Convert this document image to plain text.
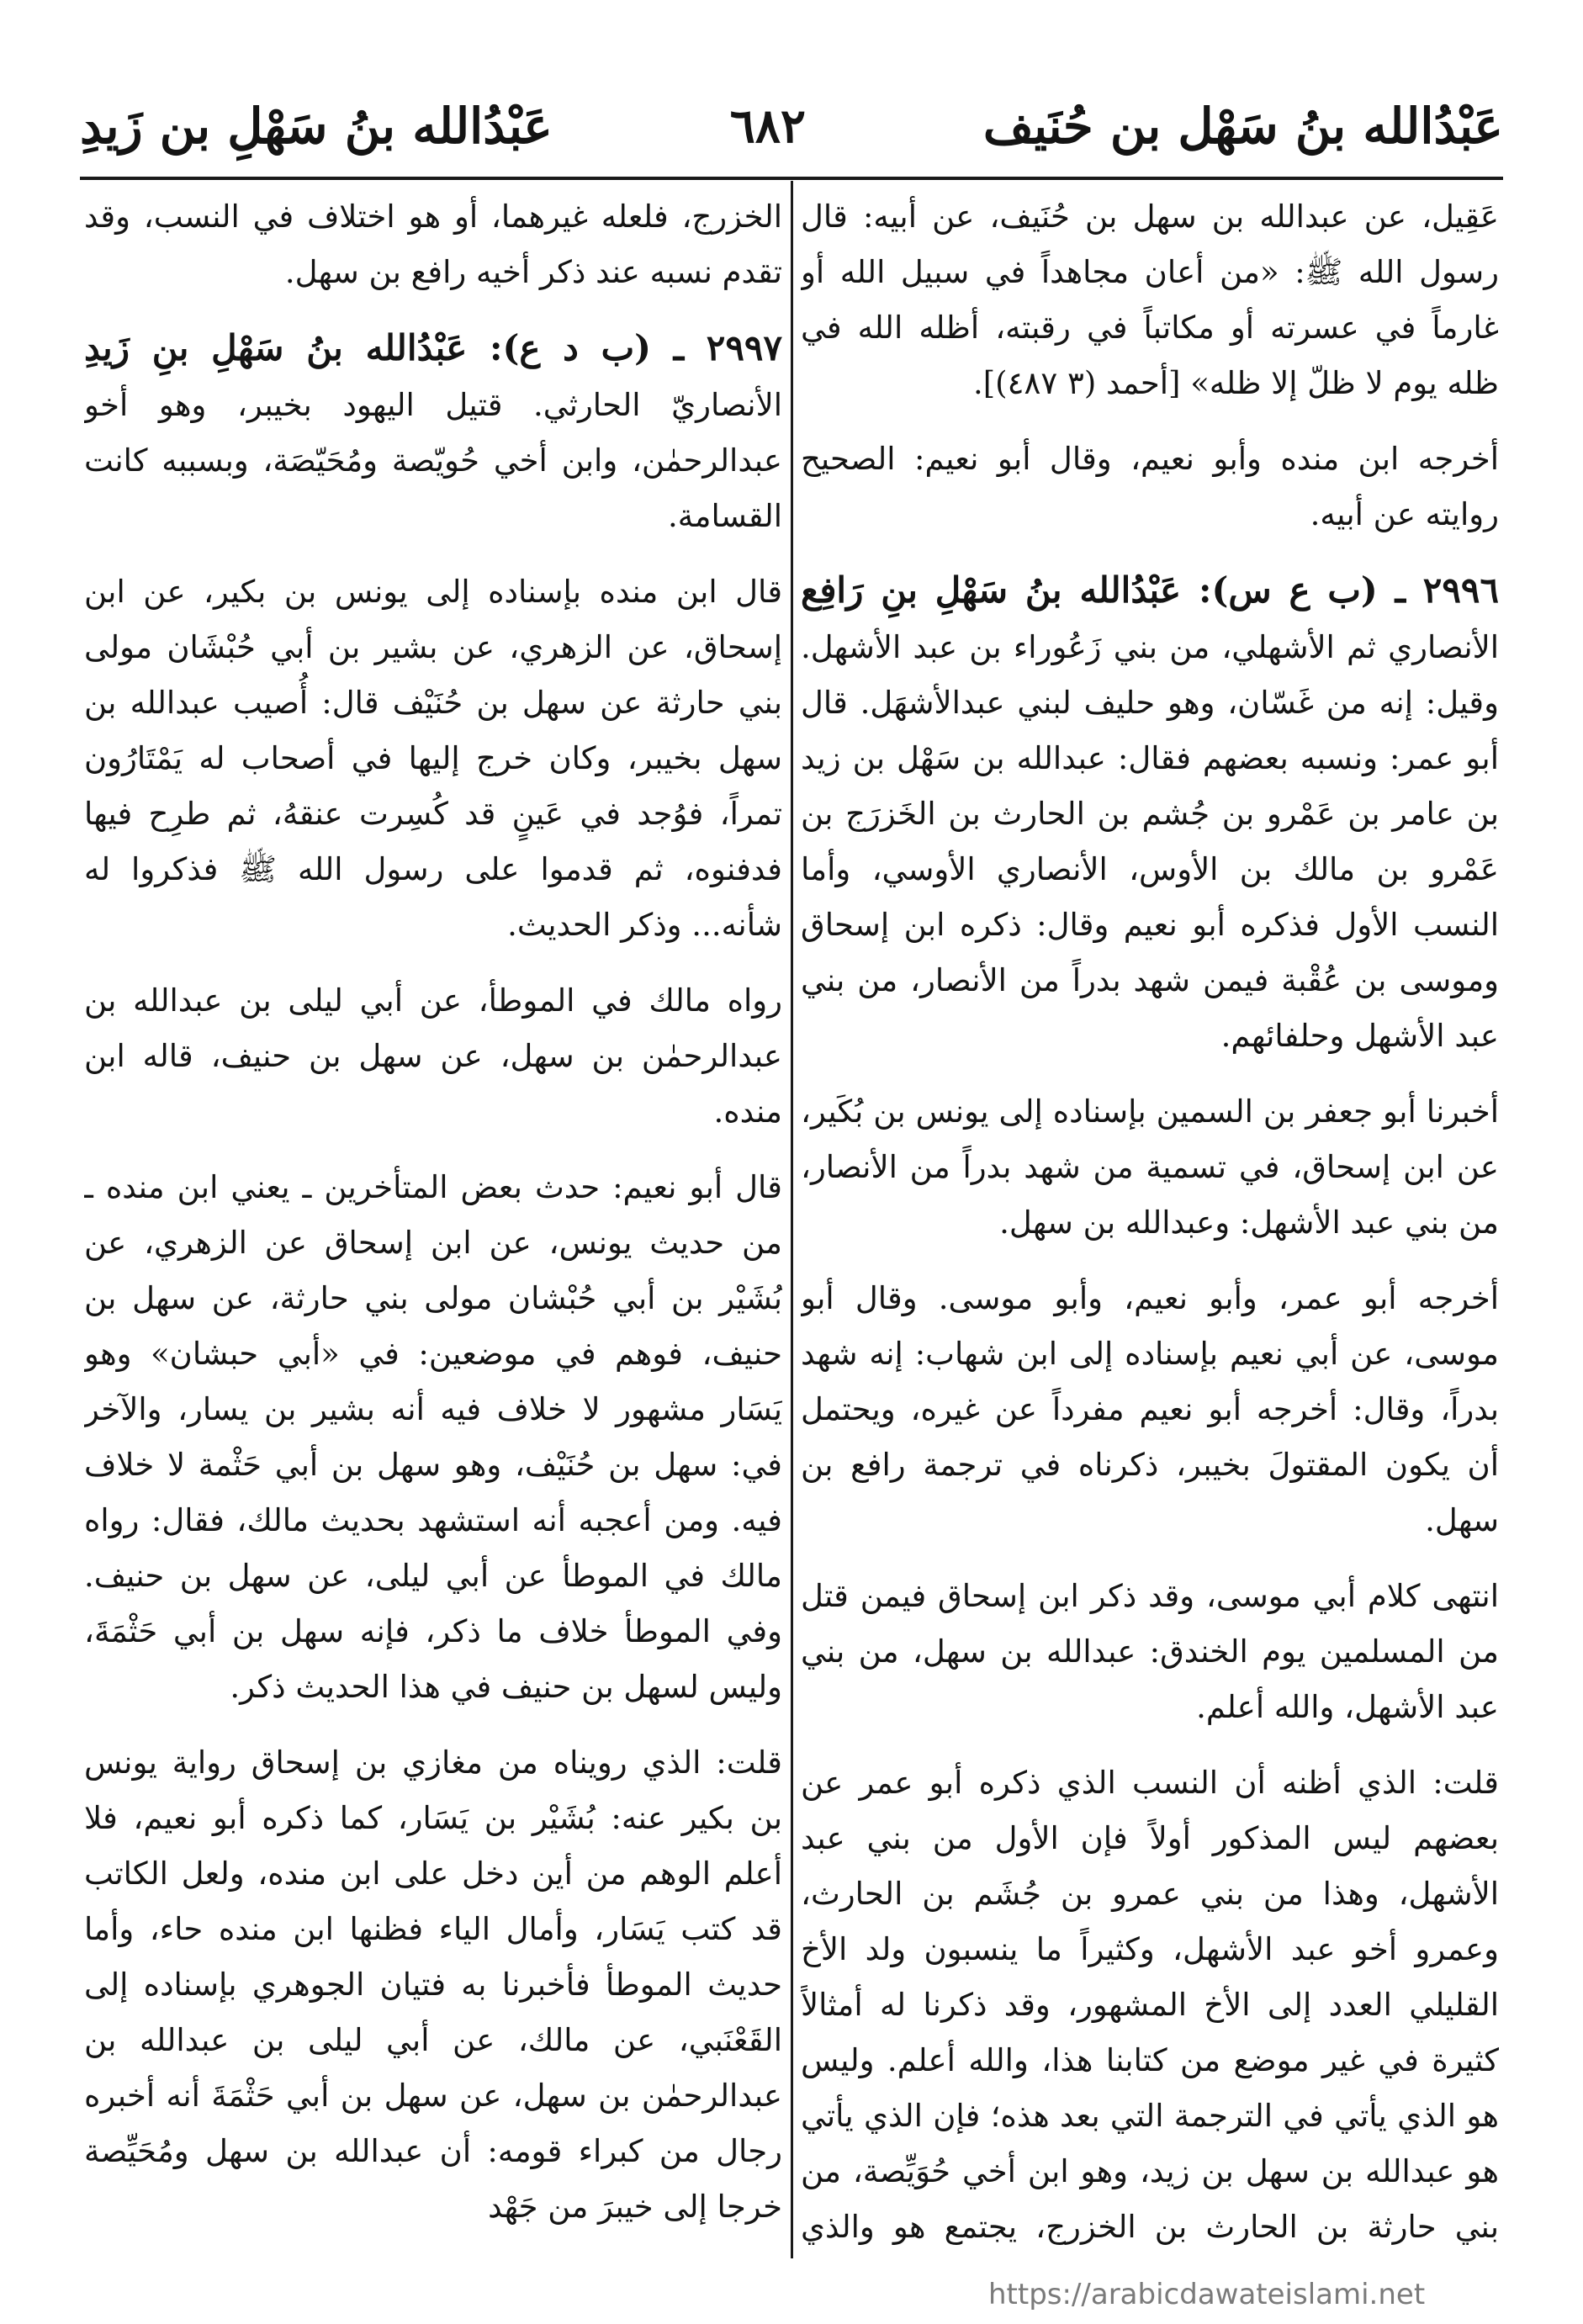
عَبْدُالله بنُ سَهْل بن حُنَيف
٦٨٢
عَبْدُالله بنُ سَهْلِ بن زَيدِ

عَقِيل، عن عبدالله بن سهل بن حُنَيف، عن أبيه: قال رسول الله ﷺ: «من أعان مجاهداً في سبيل الله أو غارماً في عسرته أو مكاتباً في رقبته، أظله الله في ظله يوم لا ظلّ إلا ظله» [أحمد (٣ ٤٨٧)].

أخرجه ابن منده وأبو نعيم، وقال أبو نعيم: الصحيح روايته عن أبيه.

٢٩٩٦ ـ (ب ع س): عَبْدُالله بنُ سَهْلِ بنِ رَافِع الأنصاري ثم الأشهلي، من بني زَعُوراء بن عبد الأشهل. وقيل: إنه من غَسّان، وهو حليف لبني عبدالأشهَل. قال أبو عمر: ونسبه بعضهم فقال: عبدالله بن سَهْل بن زيد بن عامر بن عَمْرو بن جُشم بن الحارث بن الخَزرَج بن عَمْرو بن مالك بن الأوس، الأنصاري الأوسي، وأما النسب الأول فذكره أبو نعيم وقال: ذكره ابن إسحاق وموسى بن عُقْبة فيمن شهد بدراً من الأنصار، من بني عبد الأشهل وحلفائهم.

أخبرنا أبو جعفر بن السمين بإسناده إلى يونس بن بُكَير، عن ابن إسحاق، في تسمية من شهد بدراً من الأنصار، من بني عبد الأشهل: وعبدالله بن سهل.

أخرجه أبو عمر، وأبو نعيم، وأبو موسى. وقال أبو موسى، عن أبي نعيم بإسناده إلى ابن شهاب: إنه شهد بدراً، وقال: أخرجه أبو نعيم مفرداً عن غيره، ويحتمل أن يكون المقتولَ بخيبر، ذكرناه في ترجمة رافع بن سهل.

انتهى كلام أبي موسى، وقد ذكر ابن إسحاق فيمن قتل من المسلمين يوم الخندق: عبدالله بن سهل، من بني عبد الأشهل، والله أعلم.

قلت: الذي أظنه أن النسب الذي ذكره أبو عمر عن بعضهم ليس المذكور أولاً فإن الأول من بني عبد الأشهل، وهذا من بني عمرو بن جُشَم بن الحارث، وعمرو أخو عبد الأشهل، وكثيراً ما ينسبون ولد الأخ القليلي العدد إلى الأخ المشهور، وقد ذكرنا له أمثالاً كثيرة في غير موضع من كتابنا هذا، والله أعلم. وليس هو الذي يأتي في الترجمة التي بعد هذه؛ فإن الذي يأتي هو عبدالله بن سهل بن زيد، وهو ابن أخي حُوَيِّصة، من بني حارثة بن الحارث بن الخزرج، يجتمع هو والذي

الخزرج، فلعله غيرهما، أو هو اختلاف في النسب، وقد تقدم نسبه عند ذكر أخيه رافع بن سهل.

٢٩٩٧ ـ (ب د ع): عَبْدُالله بنُ سَهْلِ بنِ زَيدِ الأنصاريّ الحارثي. قتيل اليهود بخيبر، وهو أخو عبدالرحمٰن، وابن أخي حُويّصة ومُحَيّصَة، وبسببه كانت القسامة.

قال ابن منده بإسناده إلى يونس بن بكير، عن ابن إسحاق، عن الزهري، عن بشير بن أبي حُبْشَان مولى بني حارثة عن سهل بن حُنَيْف قال: أُصيب عبدالله بن سهل بخيبر، وكان خرج إليها في أصحاب له يَمْتَارُون تمراً، فوُجد في عَينٍ قد كُسِرت عنقهُ، ثم طرِح فيها فدفنوه، ثم قدموا على رسول الله ﷺ فذكروا له شأنه... وذكر الحديث.

رواه مالك في الموطأ، عن أبي ليلى بن عبدالله بن عبدالرحمٰن بن سهل، عن سهل بن حنيف، قاله ابن منده.

قال أبو نعيم: حدث بعض المتأخرين ـ يعني ابن منده ـ من حديث يونس، عن ابن إسحاق عن الزهري، عن بُشَيْر بن أبي حُبْشان مولى بني حارثة، عن سهل بن حنيف، فوهم في موضعين: في «أبي حبشان» وهو يَسَار مشهور لا خلاف فيه أنه بشير بن يسار، والآخر في: سهل بن حُنَيْف، وهو سهل بن أبي حَثْمة لا خلاف فيه. ومن أعجبه أنه استشهد بحديث مالك، فقال: رواه مالك في الموطأ عن أبي ليلى، عن سهل بن حنيف. وفي الموطأ خلاف ما ذكر، فإنه سهل بن أبي حَثْمَةَ، وليس لسهل بن حنيف في هذا الحديث ذكر.

قلت: الذي رويناه من مغازي بن إسحاق رواية يونس بن بكير عنه: بُشَيْر بن يَسَار، كما ذكره أبو نعيم، فلا أعلم الوهم من أين دخل على ابن منده، ولعل الكاتب قد كتب يَسَار، وأمال الياء فظنها ابن منده حاء، وأما حديث الموطأ فأخبرنا به فتيان الجوهري بإسناده إلى القَعْنَبي، عن مالك، عن أبي ليلى بن عبدالله بن عبدالرحمٰن بن سهل، عن سهل بن أبي حَثْمَةَ أنه أخبره رجال من كبراء قومه: أن عبدالله بن سهل ومُحَيِّصة خرجا إلى خيبرَ من جَهْد

https://arabicdawateislami.net
